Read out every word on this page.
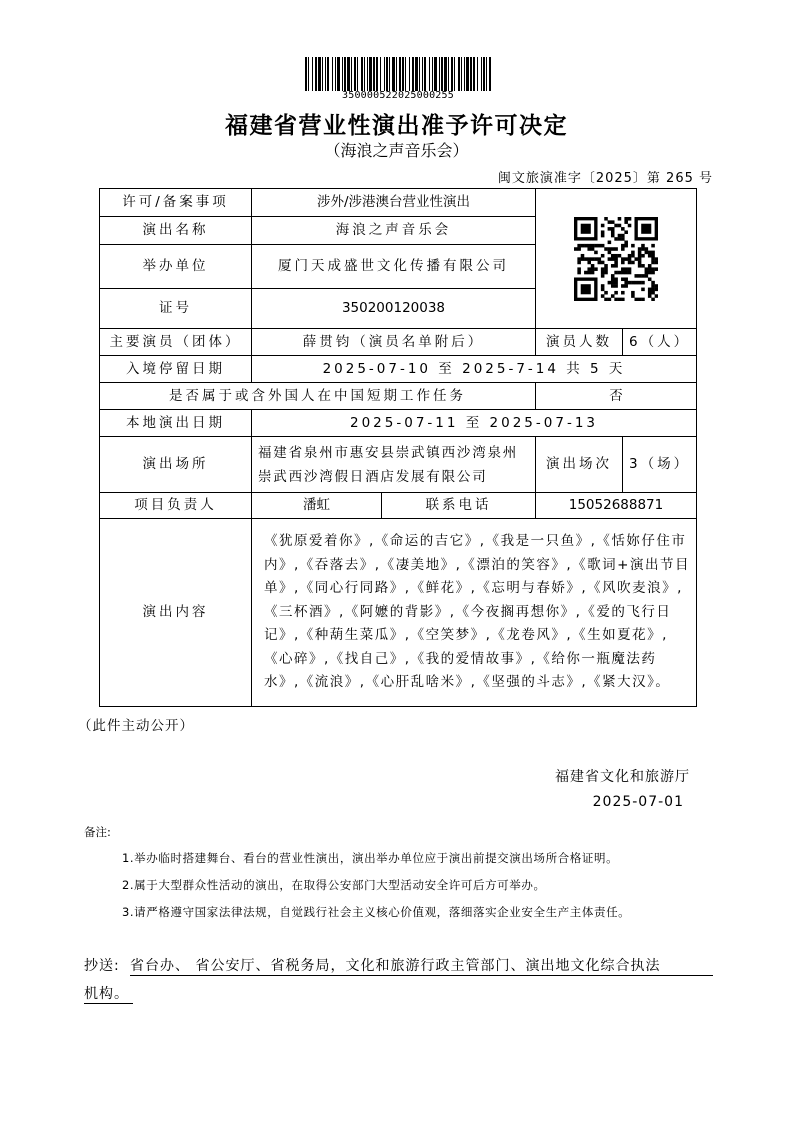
350000522025000255
福建省营业性演出准予许可决定
（海浪之声音乐会）
闽文旅演准字〔2025〕第 265 号
许可/备案事项	涉外/涉港澳台营业性演出	

演出名称	海浪之声音乐会			
举办单位	厦门天成盛世文化传播有限公司			
证号	350200120038			
主要演员（团体）	薛贯钧（演员名单附后）		演员人数	6（人）
入境停留日期	2025-07-10 至 2025-7-14 共 5 天			
是否属于或含外国人在中国短期工作任务			否	
本地演出日期	2025-07-11 至 2025-07-13			
演出场所	福建省泉州市惠安县崇武镇西沙湾泉州崇武西沙湾假日酒店发展有限公司		演出场次	3（场）
项目负责人	潘虹	联系电话	15052688871	
演出内容	《犹原爱着你》,《命运的吉它》,《我是一只鱼》,《恬妳仔住市内》,《吞落去》,《凄美地》,《漂泊的笑容》,《歌词+演出节目单》,《同心行同路》,《鲜花》,《忘明与春娇》,《风吹麦浪》,《三杯酒》,《阿嬷的背影》,《今夜搁再想你》,《爱的飞行日记》,《种葫生菜瓜》,《空笑梦》,《龙卷风》,《生如夏花》,《心碎》,《找自己》,《我的爱情故事》,《给你一瓶魔法药水》,《流浪》,《心肝乱啥米》,《坚强的斗志》,《紧大汉》。			
（此件主动公开）
福建省文化和旅游厅
2025-07-01
备注:
1.举办临时搭建舞台、看台的营业性演出，演出举办单位应于演出前提交演出场所合格证明。
2.属于大型群众性活动的演出，在取得公安部门大型活动安全许可后方可举办。
3.请严格遵守国家法律法规，自觉践行社会主义核心价值观，落细落实企业安全生产主体责任。
抄送: 省台办、 省公安厅、省税务局，文化和旅游行政主管部门、演出地文化综合执法
机构。
